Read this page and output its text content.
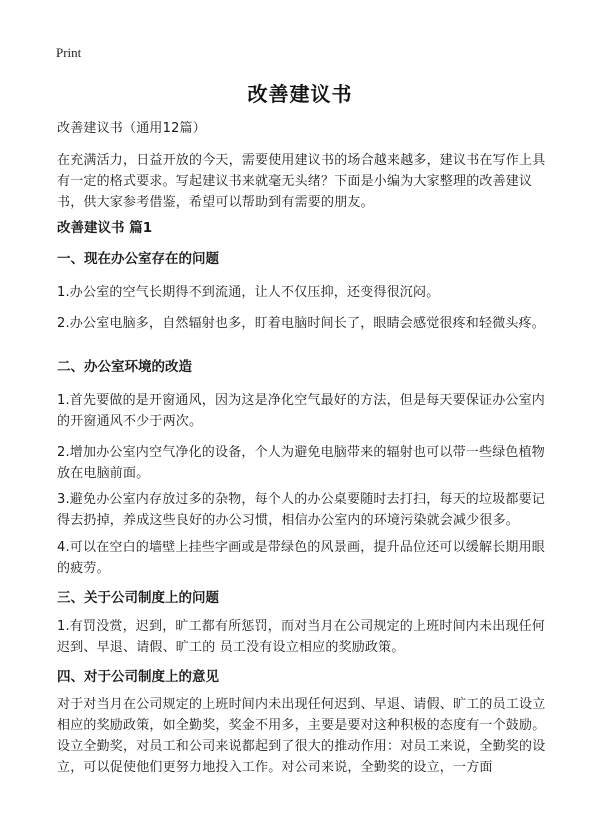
Print
改善建议书
改善建议书（通用12篇）
在充满活力，日益开放的今天，需要使用建议书的场合越来越多，建议书在写作上具有一定的格式要求。写起建议书来就毫无头绪？下面是小编为大家整理的改善建议书，供大家参考借鉴，希望可以帮助到有需要的朋友。
改善建议书 篇1
一、现在办公室存在的问题
1.办公室的空气长期得不到流通，让人不仅压抑，还变得很沉闷。
2.办公室电脑多，自然辐射也多，盯着电脑时间长了，眼睛会感觉很疼和轻微头疼。
二、办公室环境的改造
1.首先要做的是开窗通风，因为这是净化空气最好的方法，但是每天要保证办公室内的开窗通风不少于两次。
2.增加办公室内空气净化的设备，个人为避免电脑带来的辐射也可以带一些绿色植物放在电脑前面。
3.避免办公室内存放过多的杂物，每个人的办公桌要随时去打扫，每天的垃圾都要记得去扔掉，养成这些良好的办公习惯，相信办公室内的环境污染就会减少很多。
4.可以在空白的墙壁上挂些字画或是带绿色的风景画，提升品位还可以缓解长期用眼的疲劳。
三、关于公司制度上的问题
1.有罚没赏，迟到，旷工都有所惩罚，而对当月在公司规定的上班时间内未出现任何迟到、早退、请假、旷工的 员工没有设立相应的奖励政策。
四、对于公司制度上的意见
对于对当月在公司规定的上班时间内未出现任何迟到、早退、请假、旷工的员工设立相应的奖励政策，如全勤奖，奖金不用多，主要是要对这种积极的态度有一个鼓励。设立全勤奖，对员工和公司来说都起到了很大的推动作用：对员工来说，全勤奖的设立，可以促使他们更努力地投入工作。对公司来说，全勤奖的设立，一方面
